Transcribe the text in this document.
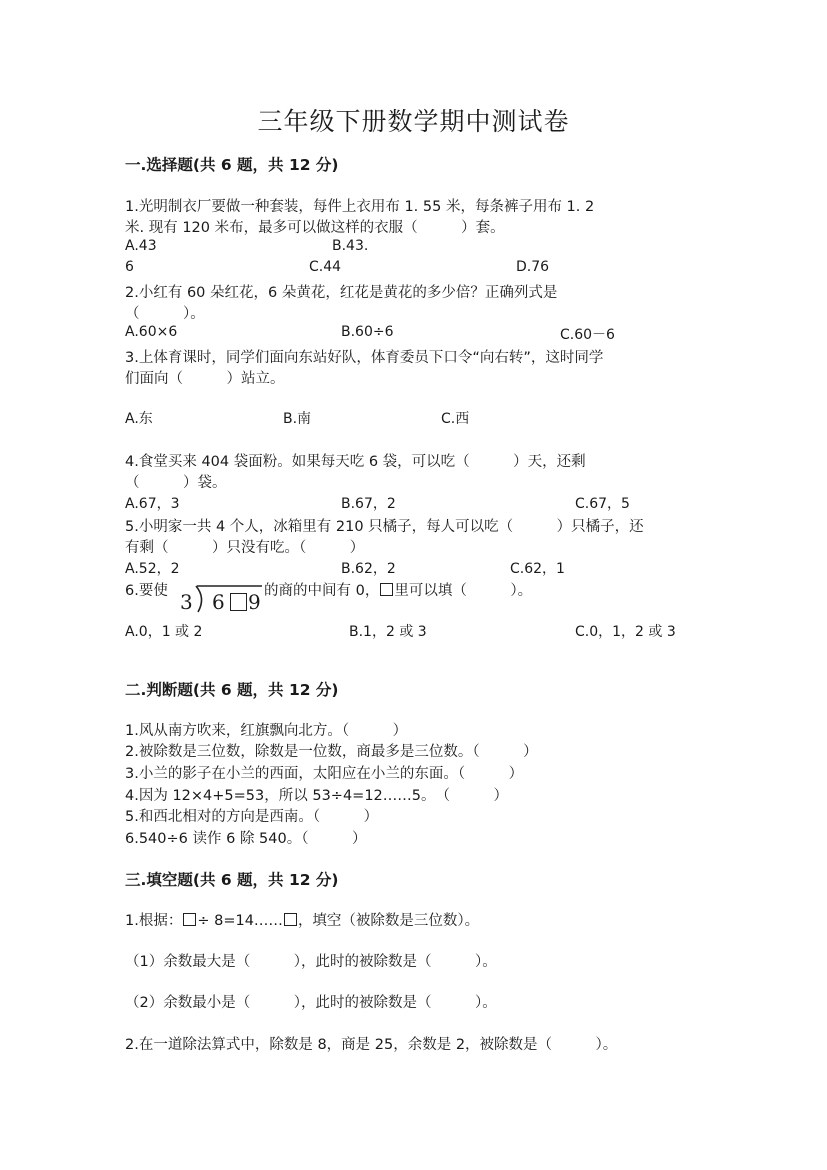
三年级下册数学期中测试卷
一.选择题(共 6 题，共 12 分)
1.光明制衣厂要做一种套装，每件上衣用布 1. 55 米，每条裤子用布 1. 2
米. 现有 120 米布，最多可以做这样的衣服（　　　）套。
A.43	B.43.
6	C.44	D.76
2.小红有 60 朵红花，6 朵黄花，红花是黄花的多少倍？正确列式是
（　　　）。
A.60×6	B.60÷6	C.60－6
3.上体育课时，同学们面向东站好队，体育委员下口令“向右转”，这时同学
们面向（　　　）站立。
A.东	B.南	C.西
4.食堂买来 404 袋面粉。如果每天吃 6 袋，可以吃（　　　）天，还剩
（　　　）袋。
A.67，3	B.67，2	C.67，5
5.小明家一共 4 个人，冰箱里有 210 只橘子，每人可以吃（　　　）只橘子，还
有剩（　　　）只没有吃。（　　　）
A.52，2	B.62，2	C.62，1
6.要使 3 6 9 的商的中间有 0， 里可以填（　　　）。
A.0，1 或 2	B.1，2 或 3	C.0，1，2 或 3
二.判断题(共 6 题，共 12 分)
1.风从南方吹来，红旗飘向北方。（　　　）
2.被除数是三位数，除数是一位数，商最多是三位数。（　　　）
3.小兰的影子在小兰的西面，太阳应在小兰的东面。（　　　）
4.因为 12×4+5=53，所以 53÷4=12……5。　（　　　）
5.和西北相对的方向是西南。（　　　）
6.540÷6 读作 6 除 540。（　　　）
三.填空题(共 6 题，共 12 分)
1.根据： ÷ 8=14…… ，填空（被除数是三位数）。
（1）余数最大是（　　　），此时的被除数是（　　　）。
（2）余数最小是（　　　），此时的被除数是（　　　）。
2.在一道除法算式中，除数是 8，商是 25，余数是 2，被除数是（　　　）。
